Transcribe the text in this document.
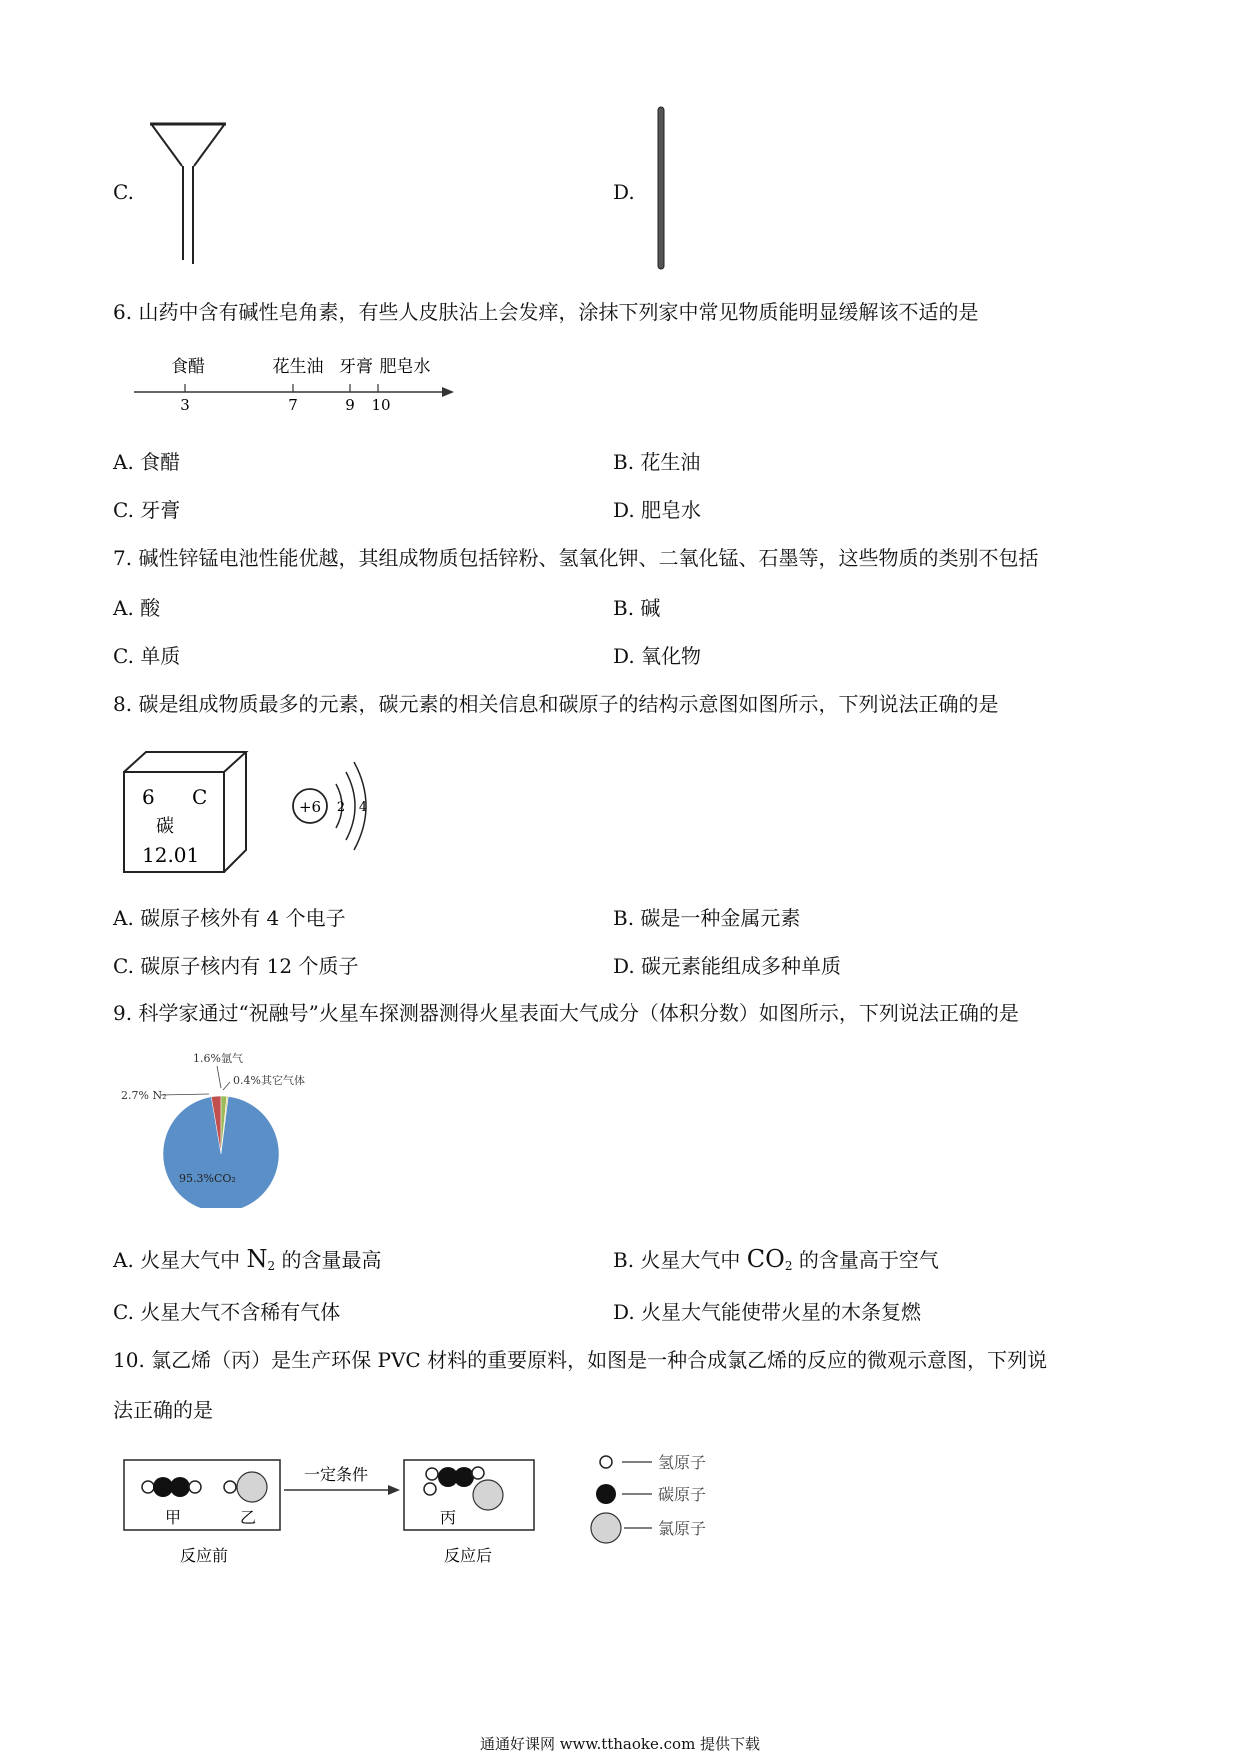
C.	D.
6. 山药中含有碱性皂角素，有些人皮肤沾上会发痒，涂抹下列家中常见物质能明显缓解该不适的是
食醋	花生油 牙膏 肥皂水
3	7	9 10
A. 食醋	B. 花生油
C. 牙膏	D. 肥皂水
7. 碱性锌锰电池性能优越，其组成物质包括锌粉、氢氧化钾、二氧化锰、石墨等，这些物质的类别不包括
A. 酸	B. 碱
C. 单质	D. 氧化物
8. 碳是组成物质最多的元素，碳元素的相关信息和碳原子的结构示意图如图所示，下列说法正确的是
6 C
碳
12.01
+6 2 4
A. 碳原子核外有 4 个电子	B. 碳是一种金属元素
C. 碳原子核内有 12 个质子	D. 碳元素能组成多种单质
9. 科学家通过“祝融号”火星车探测器测得火星表面大气成分（体积分数）如图所示，下列说法正确的是
1.6%氩气
0.4%其它气体
2.7% N₂
95.3%CO₂
A. 火星大气中 $N_2$ 的含量最高	B. 火星大气中 $CO_2$ 的含量高于空气
C. 火星大气不含稀有气体	D. 火星大气能使带火星的木条复燃
10. 氯乙烯（丙）是生产环保 PVC 材料的重要原料，如图是一种合成氯乙烯的反应的微观示意图，下列说
法正确的是
甲	乙
反应前
一定条件
丙
反应后
氢原子
碳原子
氯原子
通通好课网 www.tthaoke.com 提供下载
